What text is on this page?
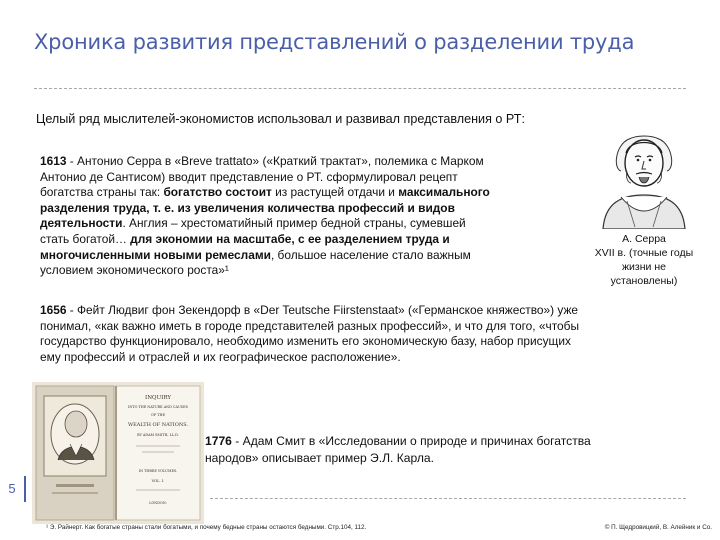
Хроника развития представлений о разделении труда
Целый ряд мыслителей-экономистов использовал и развивал представления о РТ:

1613 - Антонио Серра в «Breve trattato» («Краткий трактат», полемика с Марком

Антонио де Сантисом) вводит представление о РТ. сформулировал рецепт

богатства страны так: богатство состоит из растущей отдачи и максимального

разделения труда, т. е. из увеличения количества профессий и видов

деятельности. Англия – хрестоматийный пример бедной страны, сумевшей

стать богатой… для экономии на масштабе, с ее разделением труда и

многочисленными новыми ремеслами, большое население стало важным

условием экономического роста»¹

А. Серра
XVII в. (точные годы
жизни не
установлены)

1656 - Фейт Людвиг фон Зекендорф в «Der Teutsche Fiirstenstaat» («Германское княжество») уже

понимал, «как важно иметь в городе представителей разных профессий», и что для того, «чтобы

государство функционировало, необходимо изменить его экономическую базу, набор присущих

ему профессий и отраслей и их географическое расположение».

INQUIRY
INTO THE NATURE AND CAUSES
OF THE
WEALTH OF NATIONS.
BY ADAM SMITH, LL.D.
IN THREE VOLUMES.
VOL. I.
LONDON:

1776 - Адам Смит в «Исследовании о природе и причинах богатства

народов» описывает пример Э.Л. Карла.

5
¹ Э. Райнерт. Как богатые страны стали богатыми, и почему бедные страны остаются бедными. Стр.104, 112.	© П. Щедровицкий, В. Алейник и Со.
